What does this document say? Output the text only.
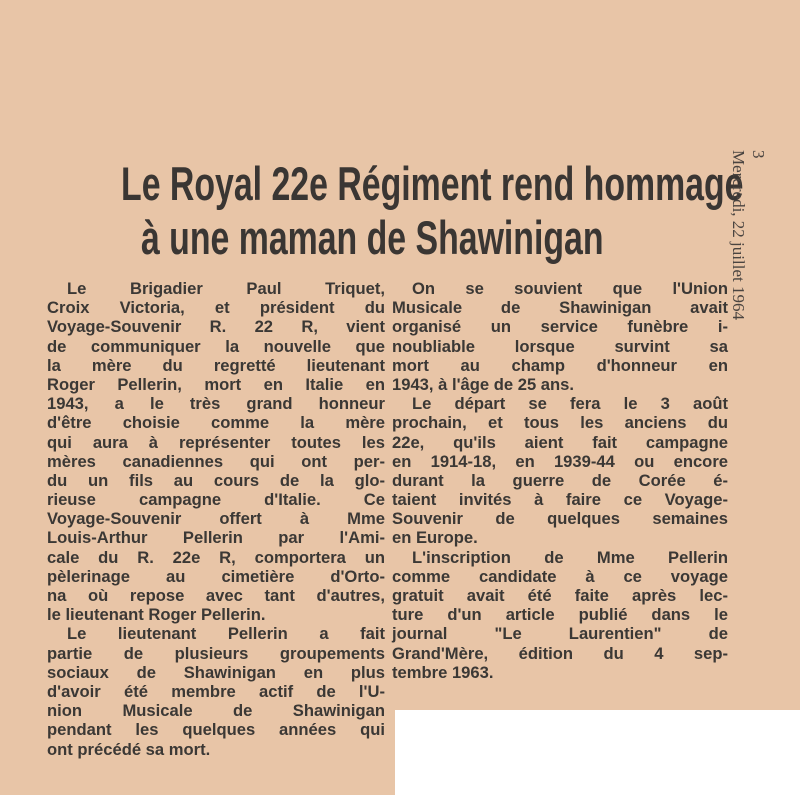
Le Royal 22e Régiment rend hommage
à une maman de Shawinigan
3
Mercredi, 22 juillet 1964
Le Brigadier Paul Triquet,
Croix Victoria, et président du
Voyage-Souvenir R. 22 R, vient
de communiquer la nouvelle que
la mère du regretté lieutenant
Roger Pellerin, mort en Italie en
1943, a le très grand honneur
d'être choisie comme la mère
qui aura à représenter toutes les
mères canadiennes qui ont per-
du un fils au cours de la glo-
rieuse campagne d'Italie. Ce
Voyage-Souvenir offert à Mme
Louis-Arthur Pellerin par l'Ami-
cale du R. 22e R, comportera un
pèlerinage au cimetière d'Orto-
na où repose avec tant d'autres,
le lieutenant Roger Pellerin.
Le lieutenant Pellerin a fait
partie de plusieurs groupements
sociaux de Shawinigan en plus
d'avoir été membre actif de l'U-
nion Musicale de Shawinigan
pendant les quelques années qui
ont précédé sa mort.
On se souvient que l'Union
Musicale de Shawinigan avait
organisé un service funèbre i-
noubliable lorsque survint sa
mort au champ d'honneur en
1943, à l'âge de 25 ans.
Le départ se fera le 3 août
prochain, et tous les anciens du
22e, qu'ils aient fait campagne
en 1914-18, en 1939-44 ou encore
durant la guerre de Corée é-
taient invités à faire ce Voyage-
Souvenir de quelques semaines
en Europe.
L'inscription de Mme Pellerin
comme candidate à ce voyage
gratuit avait été faite après lec-
ture d'un article publié dans le
journal "Le Laurentien" de
Grand'Mère, édition du 4 sep-
tembre 1963.
